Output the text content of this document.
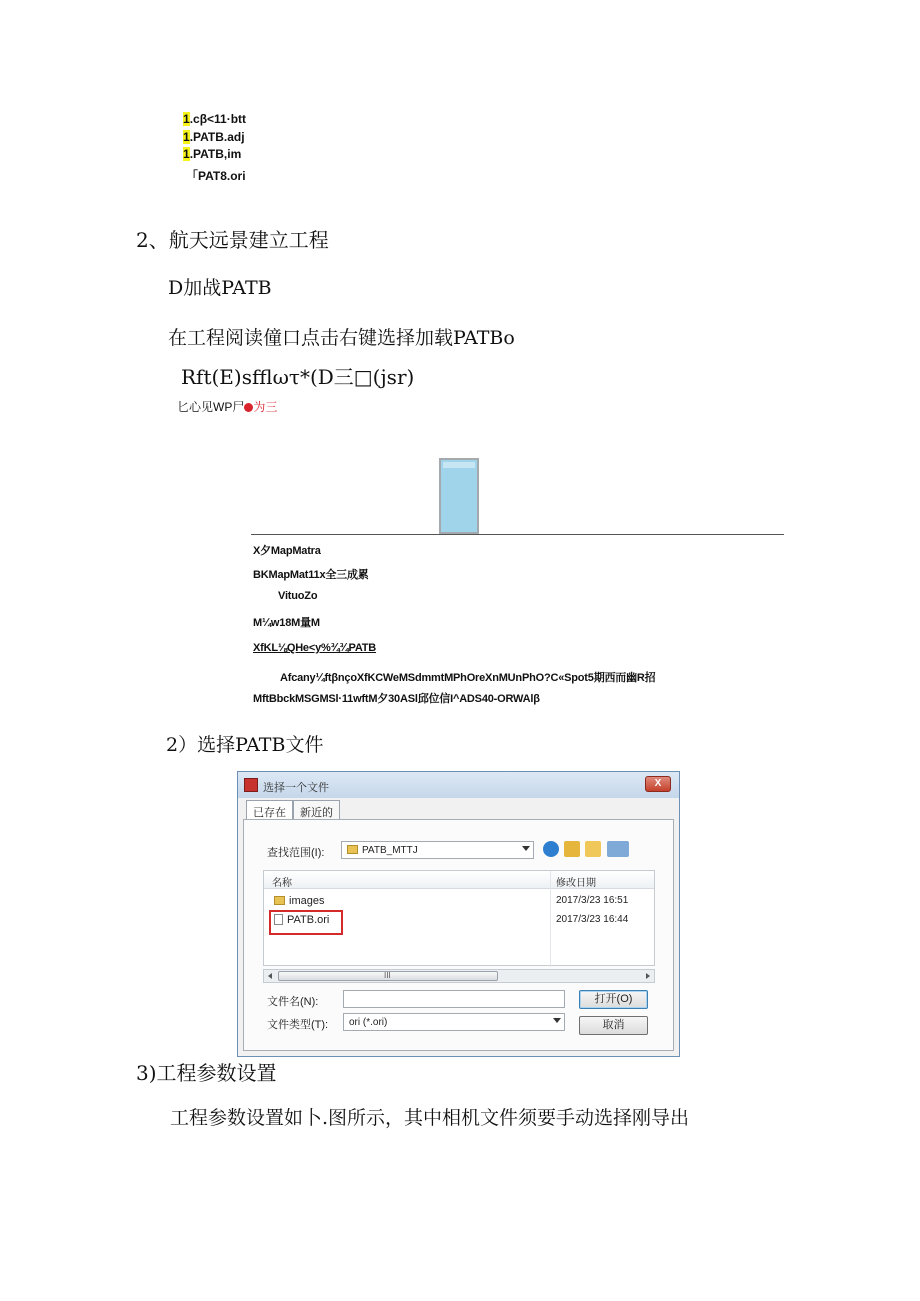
1.cβ<11·btt
1.PATB.adj
1.PATB,im
「PAT8.ori
2、航天远景建立工程
D加战PATB
在工程阅读僮口点击右键选择加载PATBo
Rft(E)sfflωτ*(D三□(jsr)
匕心见WP尸 为三
X夕MapMatra
BKMapMat11x全三成累
VituoZo
M¼w18M量M
XfKL⅛QHe<y%¾¾PATB
Afcany¼ftβnçoXfKCWeMSdmmtMPhOreXnMUnPhO?C«Spot5期西而幽R招
MftBbckMSGMSl·11wftM夕30ASl邱位信I^ADS40-ORWAlβ
2）选择PATB文件
选择一个文件	X
已存在	新近的
查找范围(I):	PATB_MTTJ
名称	修改日期
images	2017/3/23 16:51
PATB.ori	2017/3/23 16:44
III
文件名(N):
文件类型(T):	ori (*.ori)
打开(O)
取消
3)工程参数设置
工程参数设置如卜.图所示，其中相机文件须要手动选择刚导出
